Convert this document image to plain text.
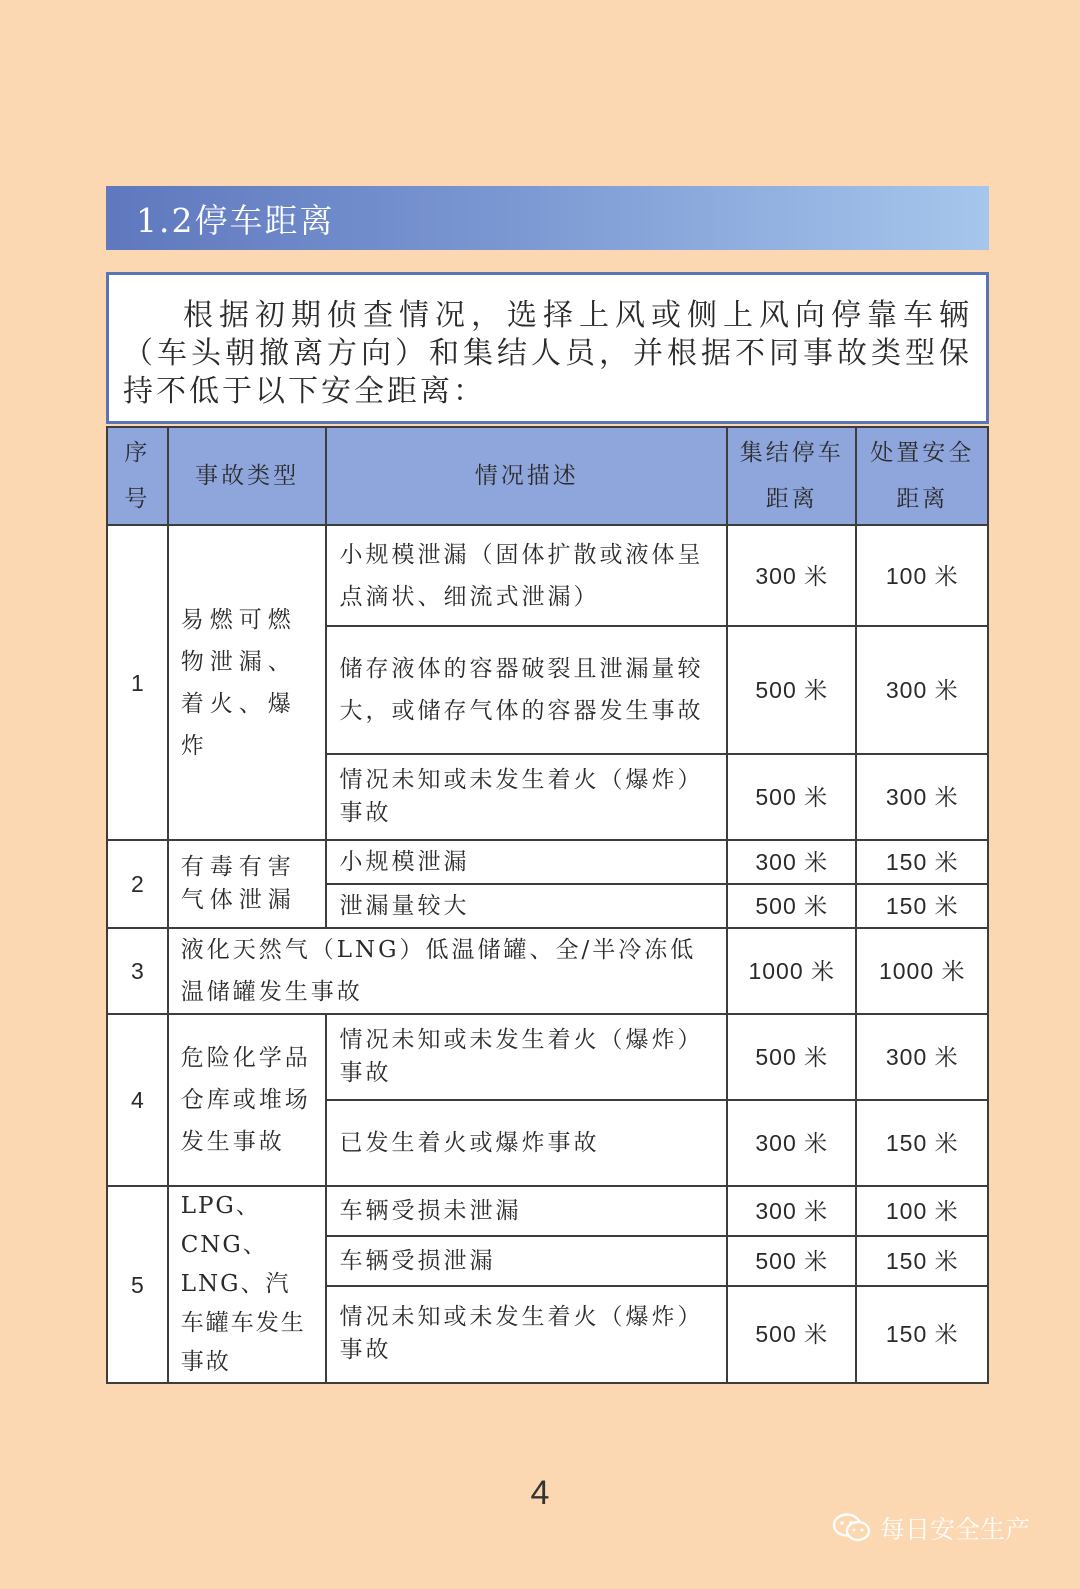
1.2停车距离

根据初期侦查情况，选择上风或侧上风向停靠车辆（车头朝撤离方向）和集结人员，并根据不同事故类型保持不低于以下安全距离：

序号	事故类型	情况描述	集结停车距离	处置安全距离
1	易燃可燃物泄漏、着火、爆炸	小规模泄漏（固体扩散或液体呈点滴状、细流式泄漏）	300 米	100 米
		储存液体的容器破裂且泄漏量较大，或储存气体的容器发生事故	500 米	300 米
		情况未知或未发生着火（爆炸）事故	500 米	300 米
2	有毒有害气体泄漏	小规模泄漏	300 米	150 米
		泄漏量较大	500 米	150 米
3	液化天然气（LNG）低温储罐、全/半冷冻低温储罐发生事故		1000 米	1000 米
4	危险化学品仓库或堆场发生事故	情况未知或未发生着火（爆炸）事故	500 米	300 米
		已发生着火或爆炸事故	300 米	150 米
5	LPG、CNG、LNG、汽车罐车发生事故	车辆受损未泄漏	300 米	100 米
		车辆受损泄漏	500 米	150 米
		情况未知或未发生着火（爆炸）事故	500 米	150 米
4
每日安全生产
